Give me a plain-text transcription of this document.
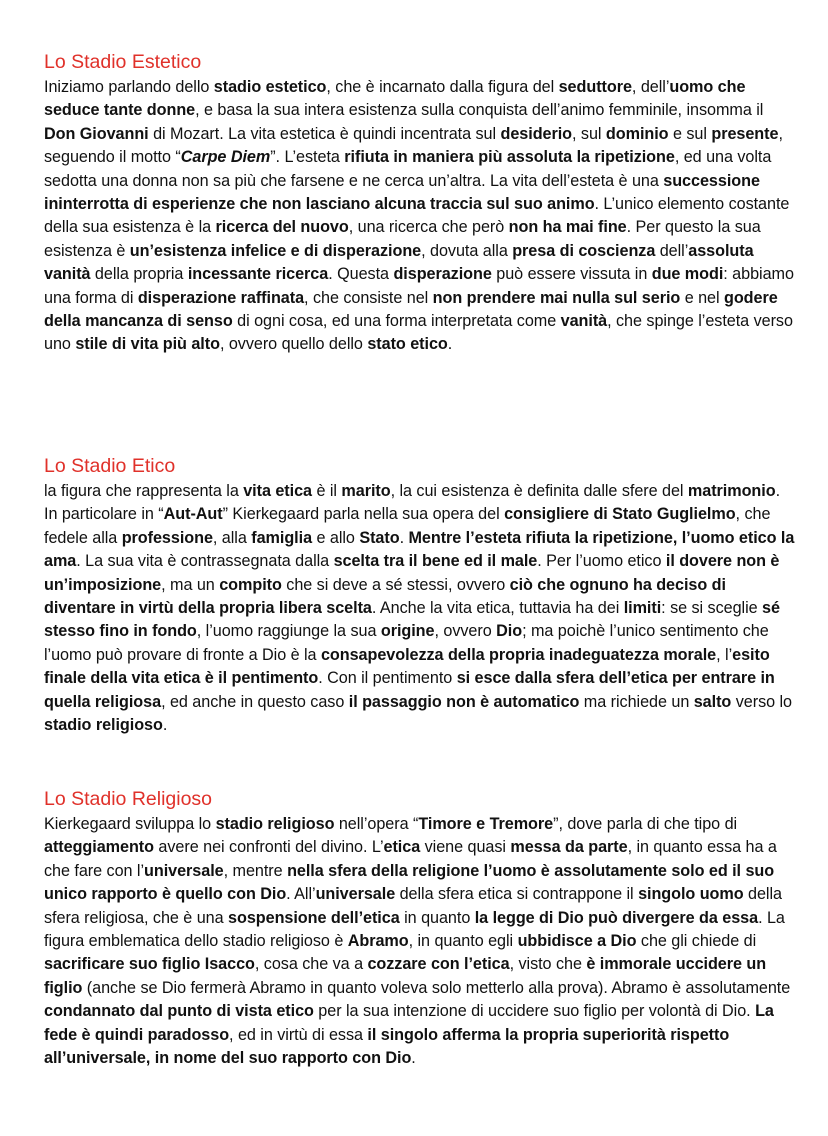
Lo Stadio Estetico

Iniziamo parlando dello stadio estetico, che è incarnato dalla figura del seduttore, dell’uomo che seduce tante donne, e basa la sua intera esistenza sulla conquista dell’animo femminile, insomma il Don Giovanni di Mozart. La vita estetica è quindi incentrata sul desiderio, sul dominio e sul presente, seguendo il motto “Carpe Diem”. L’esteta rifiuta in maniera più assoluta la ripetizione, ed una volta sedotta una donna non sa più che farsene e ne cerca un’altra. La vita dell’esteta è una successione ininterrotta di esperienze che non lasciano alcuna traccia sul suo animo. L’unico elemento costante della sua esistenza è la ricerca del nuovo, una ricerca che però non ha mai fine. Per questo la sua esistenza è un’esistenza infelice e di disperazione, dovuta alla presa di coscienza dell’assoluta vanità della propria incessante ricerca. Questa disperazione può essere vissuta in due modi: abbiamo una forma di disperazione raffinata, che consiste nel non prendere mai nulla sul serio e nel godere della mancanza di senso di ogni cosa, ed una forma interpretata come vanità, che spinge l’esteta verso uno stile di vita più alto, ovvero quello dello stato etico.

Lo Stadio Etico

la figura che rappresenta la vita etica è il marito, la cui esistenza è definita dalle sfere del matrimonio. In particolare in “Aut-Aut” Kierkegaard parla nella sua opera del consigliere di Stato Guglielmo, che fedele alla professione, alla famiglia e allo Stato. Mentre l’esteta rifiuta la ripetizione, l’uomo etico la ama. La sua vita è contrassegnata dalla scelta tra il bene ed il male. Per l’uomo etico il dovere non è un’imposizione, ma un compito che si deve a sé stessi, ovvero ciò che ognuno ha deciso di diventare in virtù della propria libera scelta. Anche la vita etica, tuttavia ha dei limiti: se si sceglie sé stesso fino in fondo, l’uomo raggiunge la sua origine, ovvero Dio; ma poichè l’unico sentimento che l’uomo può provare di fronte a Dio è la consapevolezza della propria inadeguatezza morale, l’esito finale della vita etica è il pentimento. Con il pentimento si esce dalla sfera dell’etica per entrare in quella religiosa, ed anche in questo caso il passaggio non è automatico ma richiede un salto verso lo stadio religioso.

Lo Stadio Religioso

Kierkegaard sviluppa lo stadio religioso nell’opera “Timore e Tremore”, dove parla di che tipo di atteggiamento avere nei confronti del divino. L’etica viene quasi messa da parte, in quanto essa ha a che fare con l’universale, mentre nella sfera della religione l’uomo è assolutamente solo ed il suo unico rapporto è quello con Dio. All’universale della sfera etica si contrappone il singolo uomo della sfera religiosa, che è una sospensione dell’etica in quanto la legge di Dio può divergere da essa. La figura emblematica dello stadio religioso è Abramo, in quanto egli ubbidisce a Dio che gli chiede di sacrificare suo figlio Isacco, cosa che va a cozzare con l’etica, visto che è immorale uccidere un figlio (anche se Dio fermerà Abramo in quanto voleva solo metterlo alla prova). Abramo è assolutamente condannato dal punto di vista etico per la sua intenzione di uccidere suo figlio per volontà di Dio. La fede è quindi paradosso, ed in virtù di essa il singolo afferma la propria superiorità rispetto all’universale, in nome del suo rapporto con Dio.
